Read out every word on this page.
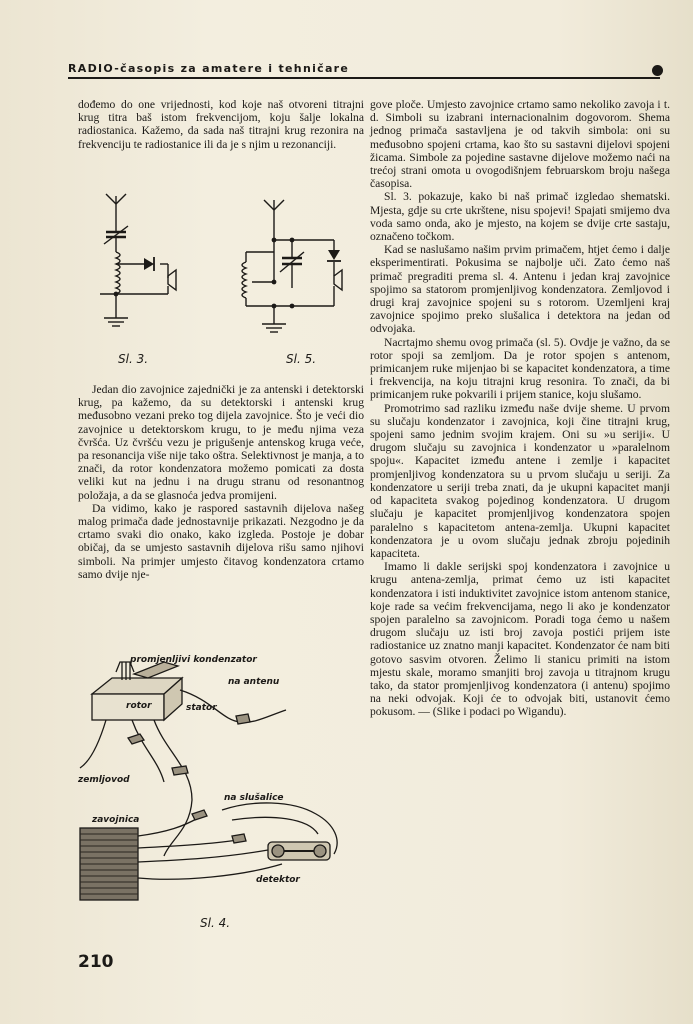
RADIO-časopis za amatere i tehničare

dođemo do one vrijednosti, kod koje naš otvoreni titrajni krug titra baš istom frekvencijom, koju šalje lokalna radiostanica. Kažemo, da sada naš titrajni krug rezonira na frekvenciju te radiostanice ili da je s njim u rezonanciji.

Sl. 3.	Sl. 5.

Jedan dio zavojnice zajednički je za antenski i detektorski krug, pa kažemo, da su detektorski i antenski krug međusobno vezani preko tog dijela zavojnice. Što je veći dio zavojnice u detektorskom krugu, to je među njima veza čvršća. Uz čvršću vezu je prigušenje antenskog kruga veće, pa resonancija više nije tako oštra. Selektivnost je manja, a to znači, da rotor kondenzatora možemo pomicati za dosta veliki kut na jednu i na drugu stranu od resonantnog položaja, a da se glasnoća jedva promijeni.

Da vidimo, kako je raspored sastavnih dijelova našeg malog primača dade jednostavnije prikazati. Nezgodno je da crtamo svaki dio onako, kako izgleda. Postoje je dobar običaj, da se umjesto sastavnih dijelova rišu samo njihovi simboli. Na primjer umjesto čitavog kondenzatora crtamo samo dvije nje-

promjenljivi kondenzator
rotor	stator
na antenu
zemljovod
na slušalice
zavojnica
detektor
Sl. 4.

gove ploče. Umjesto zavojnice crtamo samo nekoliko zavoja i t. d. Simboli su izabrani internacionalnim dogovorom. Shema jednog primača sastavljena je od takvih simbola: oni su međusobno spojeni crtama, kao što su sastavni dijelovi spojeni žicama. Simbole za pojedine sastavne dijelove možemo naći na trećoj strani omota u ovogodišnjem februarskom broju našega časopisa.

Sl. 3. pokazuje, kako bi naš primač izgledao shematski. Mjesta, gdje su crte ukrštene, nisu spojevi! Spajati smijemo dva voda samo onda, ako je mjesto, na kojem se dvije crte sastaju, označeno točkom.

Kad se naslušamo našim prvim primačem, htjet ćemo i dalje eksperimentirati. Pokusima se najbolje uči. Zato ćemo naš primač pregraditi prema sl. 4. Antenu i jedan kraj zavojnice spojimo sa statorom promjenljivog kondenzatora. Zemljovod i drugi kraj zavojnice spojeni su s rotorom. Uzemljeni kraj zavojnice spojimo preko slušalica i detektora na jedan od odvojaka.

Nacrtajmo shemu ovog primača (sl. 5). Ovdje je važno, da se rotor spoji sa zemljom. Da je rotor spojen s antenom, primicanjem ruke mijenjao bi se kapacitet kondenzatora, a time i frekvencija, na koju titrajni krug resonira. To znači, da bi primicanjem ruke pokvarili i prijem stanice, koju slušamo.

Promotrimo sad razliku između naše dvije sheme. U prvom su slučaju kondenzator i zavojnica, koji čine titrajni krug, spojeni samo jednim svojim krajem. Oni su »u seriji«. U drugom slučaju su zavojnica i kondenzator u »paralelnom spoju«. Kapacitet između antene i zemlje i kapacitet promjenljivog kondenzatora su u prvom slučaju u seriji. Za kondenzatore u seriji treba znati, da je ukupni kapacitet manji od kapaciteta svakog pojedinog kondenzatora. U drugom slučaju je kapacitet promjenljivog kondenzatora spojen paralelno s kapacitetom antena-zemlja. Ukupni kapacitet kondenzatora je u ovom slučaju jednak zbroju pojedinih kapaciteta.

Imamo li dakle serijski spoj kondenzatora i zavojnice u krugu antena-zemlja, primat ćemo uz isti kapacitet kondenzatora i isti induktivitet zavojnice istom antenom stanice, koje rade sa većim frekvencijama, nego li ako je kondenzator spojen paralelno sa zavojnicom. Poradi toga ćemo u našem drugom slučaju uz isti broj zavoja postići prijem iste radiostanice uz znatno manji kapacitet. Kondenzator će nam biti gotovo sasvim otvoren. Želimo li stanicu primiti na istom mjestu skale, moramo smanjiti broj zavoja u titrajnom krugu tako, da stator promjenljivog kondenzatora (i antenu) spojimo na neki odvojak. Koji će to odvojak biti, ustanovit ćemo pokusom. — (Slike i podaci po Wigandu).

210
